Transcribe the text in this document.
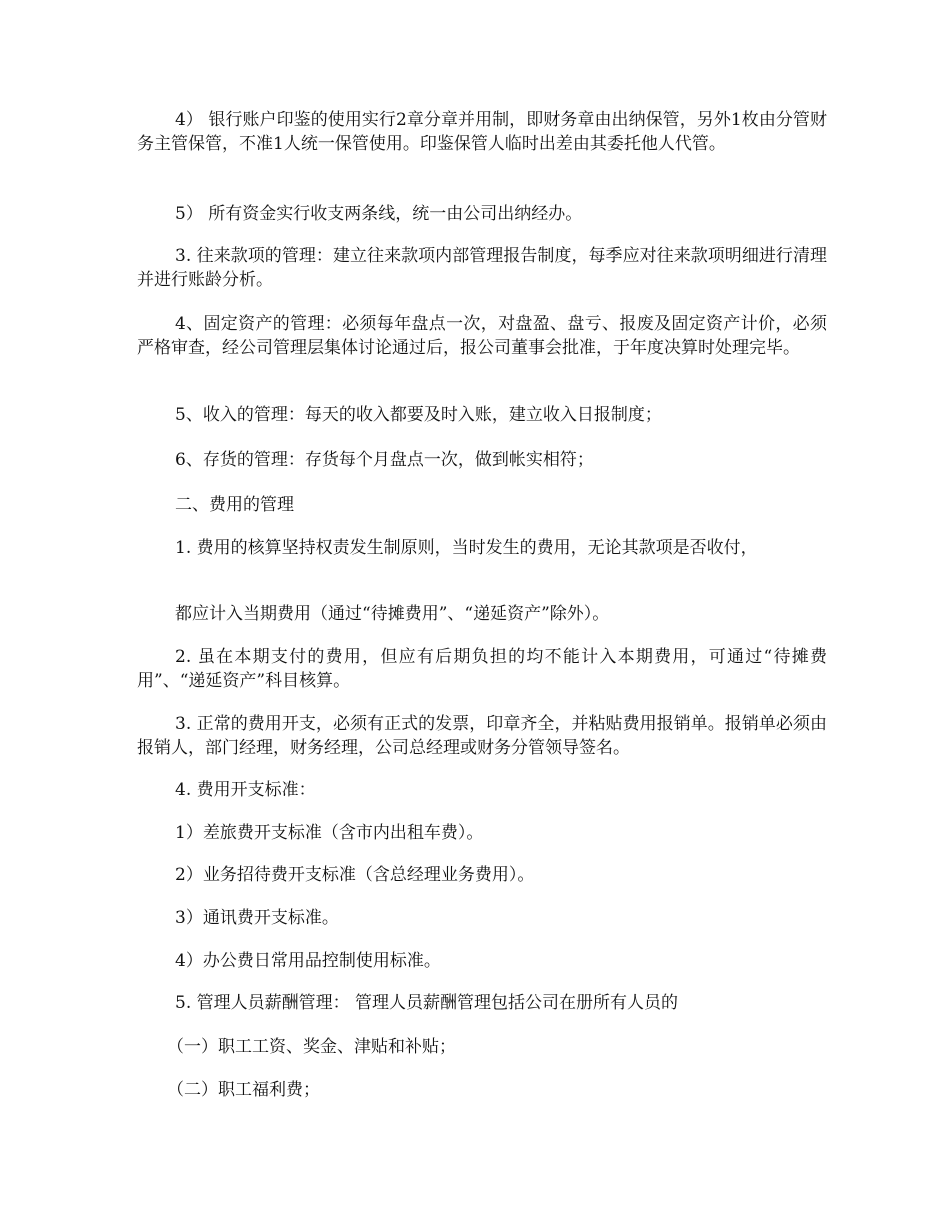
4） 银行账户印鉴的使用实行2章分章并用制，即财务章由出纳保管，另外1枚由分管财务主管保管，不准1人统一保管使用。印鉴保管人临时出差由其委托他人代管。

5） 所有资金实行收支两条线，统一由公司出纳经办。

3. 往来款项的管理：建立往来款项内部管理报告制度，每季应对往来款项明细进行清理并进行账龄分析。

4、固定资产的管理：必须每年盘点一次，对盘盈、盘亏、报废及固定资产计价，必须严格审查，经公司管理层集体讨论通过后，报公司董事会批准，于年度决算时处理完毕。

5、收入的管理：每天的收入都要及时入账，建立收入日报制度；

6、存货的管理：存货每个月盘点一次，做到帐实相符；

二、费用的管理

1. 费用的核算坚持权责发生制原则，当时发生的费用，无论其款项是否收付，

都应计入当期费用（通过“待摊费用”、“递延资产”除外）。

2. 虽在本期支付的费用，但应有后期负担的均不能计入本期费用，可通过“待摊费用”、“递延资产”科目核算。

3. 正常的费用开支，必须有正式的发票，印章齐全，并粘贴费用报销单。报销单必须由报销人，部门经理，财务经理，公司总经理或财务分管领导签名。

4. 费用开支标准：

1）差旅费开支标准（含市内出租车费）。

2）业务招待费开支标准（含总经理业务费用）。

3）通讯费开支标准。

4）办公费日常用品控制使用标准。

5. 管理人员薪酬管理： 管理人员薪酬管理包括公司在册所有人员的

（一）职工工资、奖金、津贴和补贴；

（二）职工福利费；
